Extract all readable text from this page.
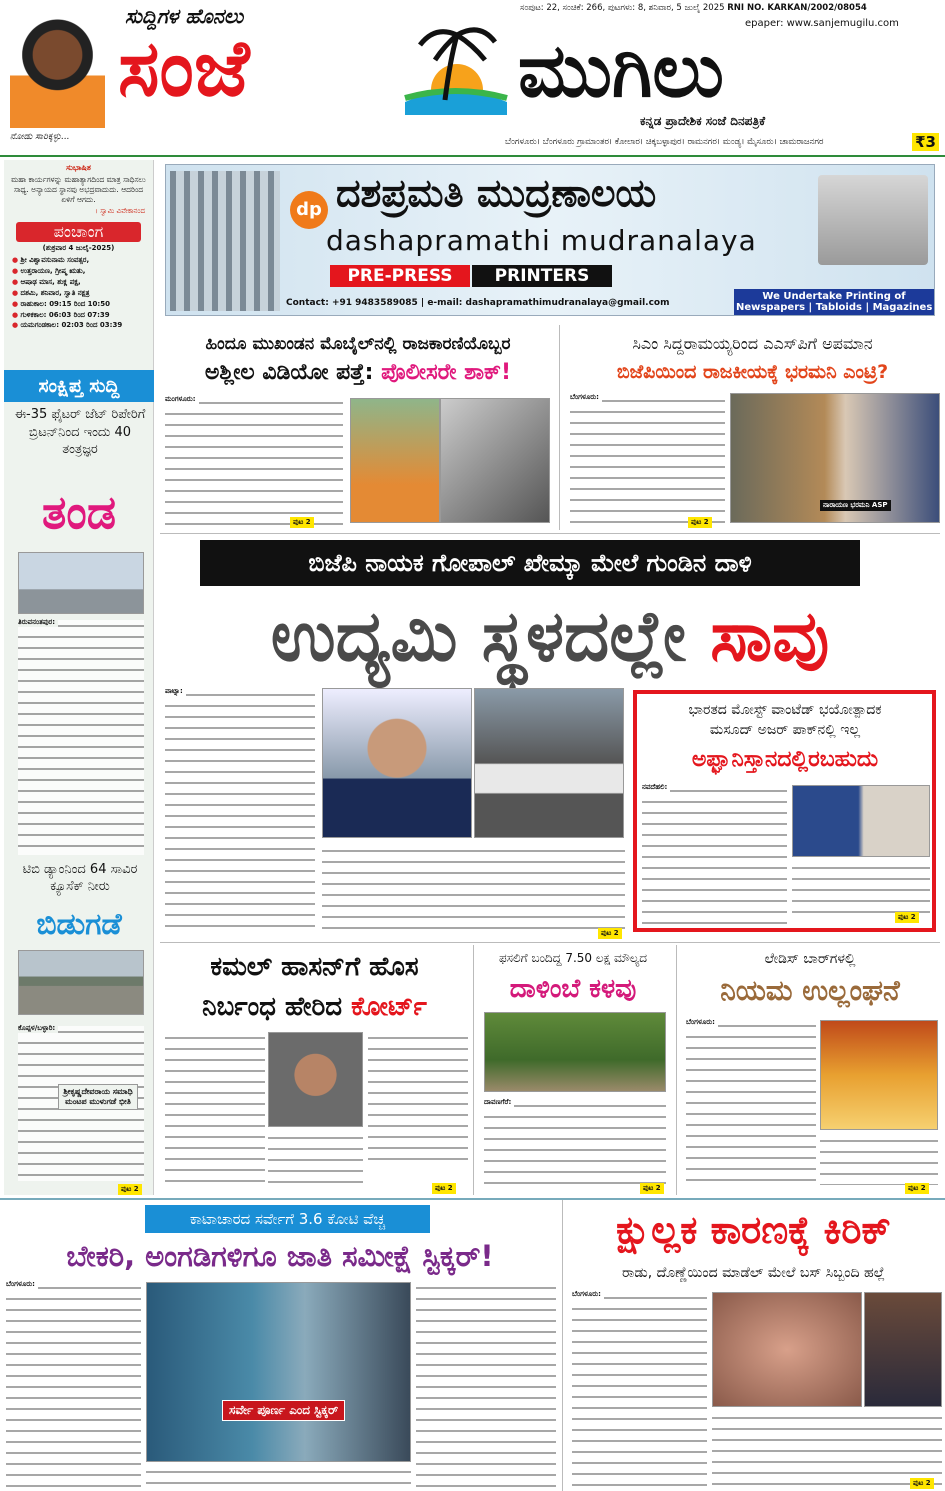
ನೋಡು ಸಾರಿಕ್ಕಳ್ಳು...
ಸುದ್ದಿಗಳ ಹೊನಲು
ಸಂಜೆ	ಮುಗಿಲು
ಸಂಪುಟ: 22, ಸಂಚಿಕೆ: 266, ಪುಟಗಳು: 8, ಶನಿವಾರ, 5 ಜುಲೈ 2025 RNI NO. KARKAN/2002/08054
epaper: www.sanjemugilu.com
ಕನ್ನಡ ಪ್ರಾದೇಶಿಕ ಸಂಜೆ ದಿನಪತ್ರಿಕೆ
ಬೆಂಗಳೂರು। ಬೆಂಗಳೂರು ಗ್ರಾಮಾಂತರ। ಕೋಲಾರ। ಚಿಕ್ಕಬಳ್ಳಾಪುರ। ರಾಮನಗರ। ಮಂಡ್ಯ। ಮೈಸೂರು। ಚಾಮರಾಜನಗರ	₹3
ಸುಭಾಷಿತ
ಮಹಾ ಕಾರ್ಯಗಳನ್ನು ಮಹಾತ್ಯಾಗದಿಂದ ಮಾತ್ರ ಸಾಧಿಸಲು ಸಾಧ್ಯ. ಅನ್ಯಾಯದ ಸ್ಥಾನವು ಅಭದ್ರವಾದುದು. ಆದರಿಂದ ಏಳಿಗೆ ಆಗದು.
। ಸ್ವಾಮಿ ವಿವೇಕಾನಂದ
ಪಂಚಾಂಗ
(ಶುಕ್ರವಾರ 4 ಜುಲೈ-2025)
● ಶ್ರೀ ವಿಶ್ವಾವಸುನಾಮ ಸಂವತ್ಸರ,
● ಉತ್ತರಾಯಣ, ಗ್ರೀಷ್ಮ ಋತು,
● ಆಷಾಢ ಮಾಸ, ಶುಕ್ಲ ಪಕ್ಷ,
● ದಶಮಿ, ಶನಿವಾರ, ಸ್ವಾತಿ ನಕ್ಷತ್ರ
● ರಾಹುಕಾಲ: 09:15 ರಿಂದ 10:50
● ಗುಳಿಕಕಾಲ: 06:03 ರಿಂದ 07:39
● ಯಮಗಂಡಕಾಲ: 02:03 ರಿಂದ 03:39
ಸಂಕ್ಷಿಪ್ತ ಸುದ್ದಿ
ಈ-35 ಫೈಟರ್ ಜೆಟ್ ರಿಪೇರಿಗೆ ಬ್ರಿಟನ್‌ನಿಂದ ಇಂದು 40 ತಂತ್ರಜ್ಞರ
ತಂಡ
ತಿರುವನಂತಪುರ:
ಟಿಬಿ ಡ್ಯಾಂನಿಂದ 64 ಸಾವಿರ ಕ್ಯೂಸೆಕ್ ನೀರು
ಬಿಡುಗಡೆ
ಕೊಪ್ಪಳ/ಬಳ್ಳಾರಿ:
ಶ್ರೀಕೃಷ್ಣದೇವರಾಯ ಸಮಾಧಿ ಮಂಟಪ ಮುಳುಗಡೆ ಭೀತಿ
ಪುಟ 2
dp ದಶಪ್ರಮತಿ ಮುದ್ರಣಾಲಯ
dashapramathi mudranalaya
PRE-PRESS	PRINTERS
Contact: +91 9483589085 | e-mail: dashapramathimudranalaya@gmail.com
We Undertake Printing of
Newspapers | Tabloids | Magazines
ಹಿಂದೂ ಮುಖಂಡನ ಮೊಬೈಲ್‌ನಲ್ಲಿ ರಾಜಕಾರಣಿಯೊಬ್ಬರ
ಅಶ್ಲೀಲ ವಿಡಿಯೋ ಪತ್ತೆ: ಪೊಲೀಸರೇ ಶಾಕ್!
ಮಂಗಳೂರು:
ಪುಟ 2
ಸಿಎಂ ಸಿದ್ದರಾಮಯ್ಯರಿಂದ ಎಎಸ್‌ಪಿಗೆ ಅಪಮಾನ
ಬಿಜೆಪಿಯಿಂದ ರಾಜಕೀಯಕ್ಕೆ ಭರಮನಿ ಎಂಟ್ರಿ?
ಬೆಂಗಳೂರು:
ನಾರಾಯಣ ಭರಮನಿ ASP
ಪುಟ 2
ಬಿಜೆಪಿ ನಾಯಕ ಗೋಪಾಲ್ ಖೇಮ್ಕಾ ಮೇಲೆ ಗುಂಡಿನ ದಾಳಿ
ಉದ್ಯಮಿ ಸ್ಥಳದಲ್ಲೇ ಸಾವು
ಪಾಟ್ನಾ:
ಪುಟ 2
ಭಾರತದ ಮೋಸ್ಟ್ ವಾಂಟೆಡ್ ಭಯೋತ್ಪಾದಕ
ಮಸೂದ್ ಅಜರ್ ಪಾಕ್‌ನಲ್ಲಿ ಇಲ್ಲ
ಅಫ್ಘಾನಿಸ್ತಾನದಲ್ಲಿರಬಹುದು
ನವದೆಹಲಿ:
ಪುಟ 2
ಕಮಲ್ ಹಾಸನ್‌ಗೆ ಹೊಸ
ನಿರ್ಬಂಧ ಹೇರಿದ ಕೋರ್ಟ್
ಪುಟ 2
ಫಸಲಿಗೆ ಬಂದಿದ್ದ 7.50 ಲಕ್ಷ ಮೌಲ್ಯದ
ದಾಳಿಂಬೆ ಕಳವು
ದಾವಣಗೆರೆ:
ಪುಟ 2
ಲೇಡಿಸ್ ಬಾರ್‌ಗಳಲ್ಲಿ
ನಿಯಮ ಉಲ್ಲಂಘನೆ
ಬೆಂಗಳೂರು:
ಪುಟ 2
ಕಾಟಾಚಾರದ ಸರ್ವೇಗೆ 3.6 ಕೋಟಿ ವೆಚ್ಚ
ಬೇಕರಿ, ಅಂಗಡಿಗಳಿಗೂ ಜಾತಿ ಸಮೀಕ್ಷೆ ಸ್ಟಿಕ್ಕರ್!
ಬೆಂಗಳೂರು:
ಸರ್ವೇ ಪೂರ್ಣ ಎಂದ ಸ್ಟಿಕ್ಕರ್
ಕ್ಷುಲ್ಲಕ ಕಾರಣಕ್ಕೆ ಕಿರಿಕ್
ರಾಡು, ದೊಣ್ಣೆಯಿಂದ ಮಾಡೆಲ್ ಮೇಲೆ ಬಸ್ ಸಿಬ್ಬಂದಿ ಹಲ್ಲೆ
ಬೆಂಗಳೂರು:
ಪುಟ 2
